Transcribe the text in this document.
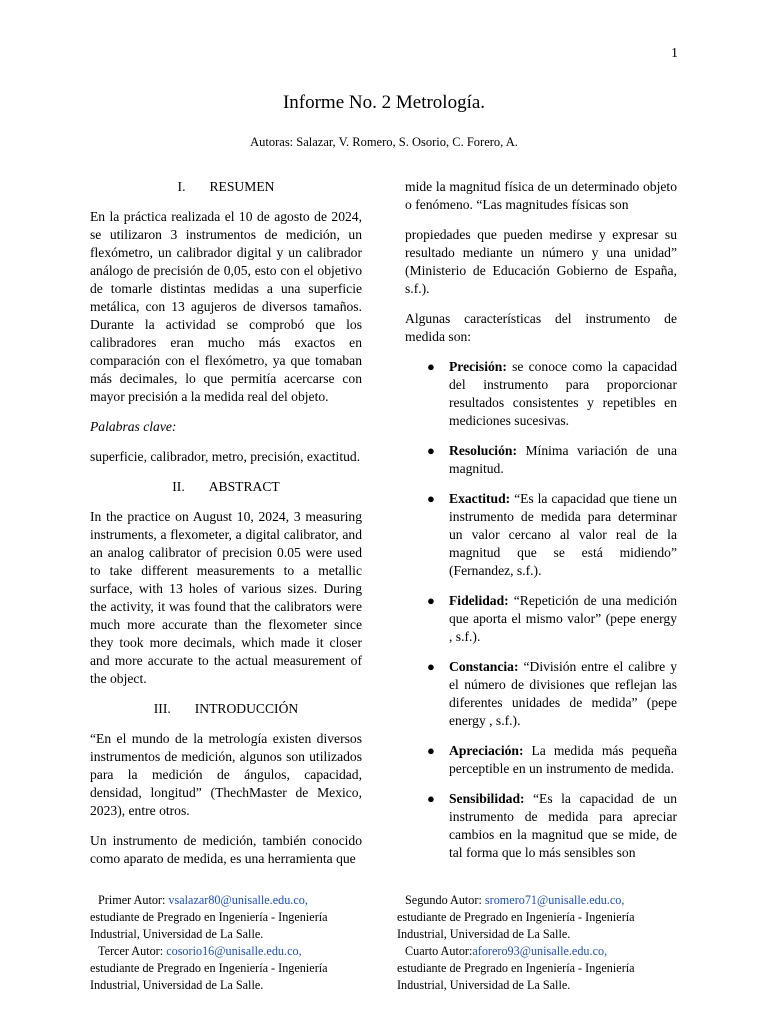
1
Informe No. 2 Metrología.
Autoras: Salazar, V. Romero, S. Osorio, C. Forero, A.
I. RESUMEN

En la práctica realizada el 10 de agosto de 2024, se utilizaron 3 instrumentos de medición, un flexómetro, un calibrador digital y un calibrador análogo de precisión de 0,05, esto con el objetivo de tomarle distintas medidas a una superficie metálica, con 13 agujeros de diversos tamaños. Durante la actividad se comprobó que los calibradores eran mucho más exactos en comparación con el flexómetro, ya que tomaban más decimales, lo que permitía acercarse con mayor precisión a la medida real del objeto.

Palabras clave:

superficie, calibrador, metro, precisión, exactitud.

II. ABSTRACT

In the practice on August 10, 2024, 3 measuring instruments, a flexometer, a digital calibrator, and an analog calibrator of precision 0.05 were used to take different measurements to a metallic surface, with 13 holes of various sizes. During the activity, it was found that the calibrators were much more accurate than the flexometer since they took more decimals, which made it closer and more accurate to the actual measurement of the object.

III. INTRODUCCIÓN

“En el mundo de la metrología existen diversos instrumentos de medición, algunos son utilizados para la medición de ángulos, capacidad, densidad, longitud” (ThechMaster de Mexico, 2023), entre otros.

Un instrumento de medición, también conocido como aparato de medida, es una herramienta que

mide la magnitud física de un determinado objeto o fenómeno. “Las magnitudes físicas son

propiedades que pueden medirse y expresar su resultado mediante un número y una unidad” (Ministerio de Educación Gobierno de España, s.f.).

Algunas características del instrumento de medida son:

● Precisión: se conoce como la capacidad del instrumento para proporcionar resultados consistentes y repetibles en mediciones sucesivas.
● Resolución: Mínima variación de una magnitud.
● Exactitud: “Es la capacidad que tiene un instrumento de medida para determinar un valor cercano al valor real de la magnitud que se está midiendo” (Fernandez, s.f.).
● Fidelidad: “Repetición de una medición que aporta el mismo valor” (pepe energy , s.f.).
● Constancia: “División entre el calibre y el número de divisiones que reflejan las diferentes unidades de medida” (pepe energy , s.f.).
● Apreciación: La medida más pequeña perceptible en un instrumento de medida.
● Sensibilidad: “Es la capacidad de un instrumento de medida para apreciar cambios en la magnitud que se mide, de tal forma que lo más sensibles son

Primer Autor: vsalazar80@unisalle.edu.co,
estudiante de Pregrado en Ingeniería - Ingeniería Industrial, Universidad de La Salle.

Tercer Autor: cosorio16@unisalle.edu.co,
estudiante de Pregrado en Ingeniería - Ingeniería Industrial, Universidad de La Salle.

Segundo Autor: sromero71@unisalle.edu.co,
estudiante de Pregrado en Ingeniería - Ingeniería Industrial, Universidad de La Salle.

Cuarto Autor:aforero93@unisalle.edu.co,
estudiante de Pregrado en Ingeniería - Ingeniería Industrial, Universidad de La Salle.
